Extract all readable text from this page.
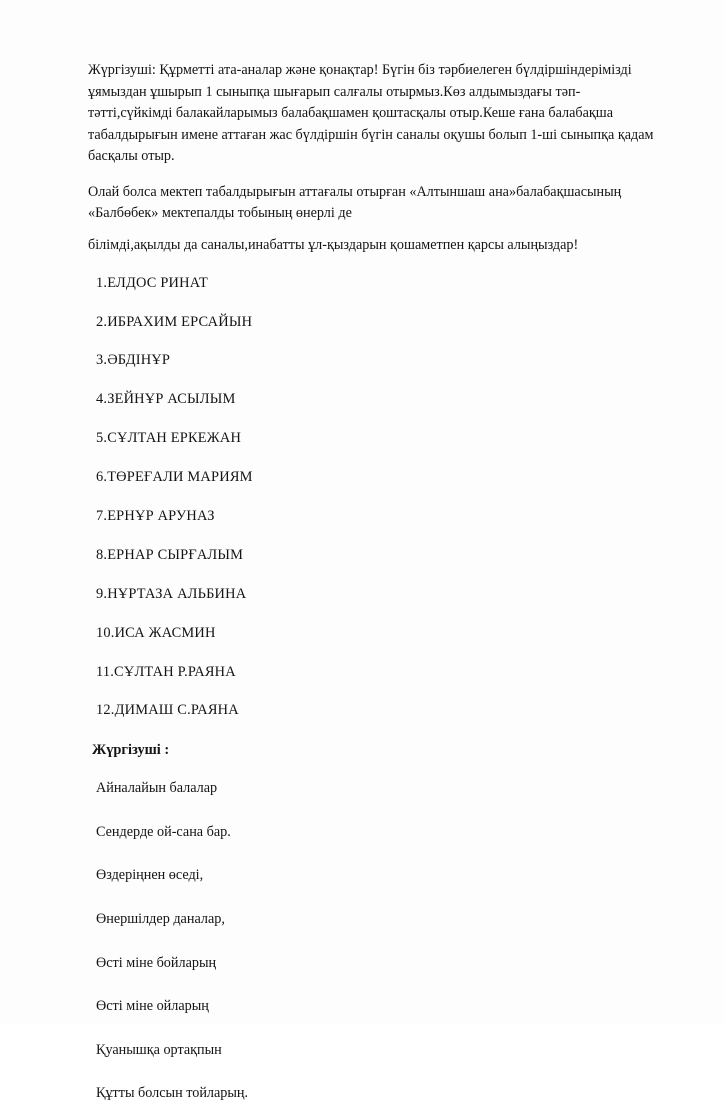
Жүргізуші: Құрметті ата-аналар және қонақтар! Бүгін біз тәрбиелеген бүлдіршіндерімізді ұямыздан ұшырып 1 сыныпқа шығарып салғалы отырмыз.Көз алдымыздағы тәп-тәтті,сүйкімді балакайларымыз балабақшамен қоштасқалы отыр.Кеше ғана балабақша табалдырығын имене аттаған жас бүлдіршін бүгін саналы оқушы болып 1-ші сыныпқа қадам басқалы отыр.

Олай болса мектеп табалдырығын аттағалы отырған «Алтыншаш ана»балабақшасының «Балбөбек» мектепалды тобының өнерлі де

білімді,ақылды да саналы,инабатты ұл-қыздарын қошаметпен қарсы алыңыздар!

1.ЕЛДОС РИНАТ
2.ИБРАХИМ ЕРСАЙЫН
3.ӘБДІНҰР
4.ЗЕЙНҰР АСЫЛЫМ
5.СҰЛТАН ЕРКЕЖАН
6.ТӨРЕҒАЛИ МАРИЯМ
7.ЕРНҰР АРУНАЗ
8.ЕРНАР СЫРҒАЛЫМ
9.НҰРТАЗА АЛЬБИНА
10.ИСА ЖАСМИН
11.СҰЛТАН Р.РАЯНА
12.ДИМАШ С.РАЯНА
Жүргізуші :
Айналайын балалар
Сендерде ой-сана бар.
Өздеріңнен өседі,
Өнершілдер даналар,
Өсті міне бойларың
Өсті міне ойларың
Қуанышқа ортақпын
Құтты болсын тойларың.
